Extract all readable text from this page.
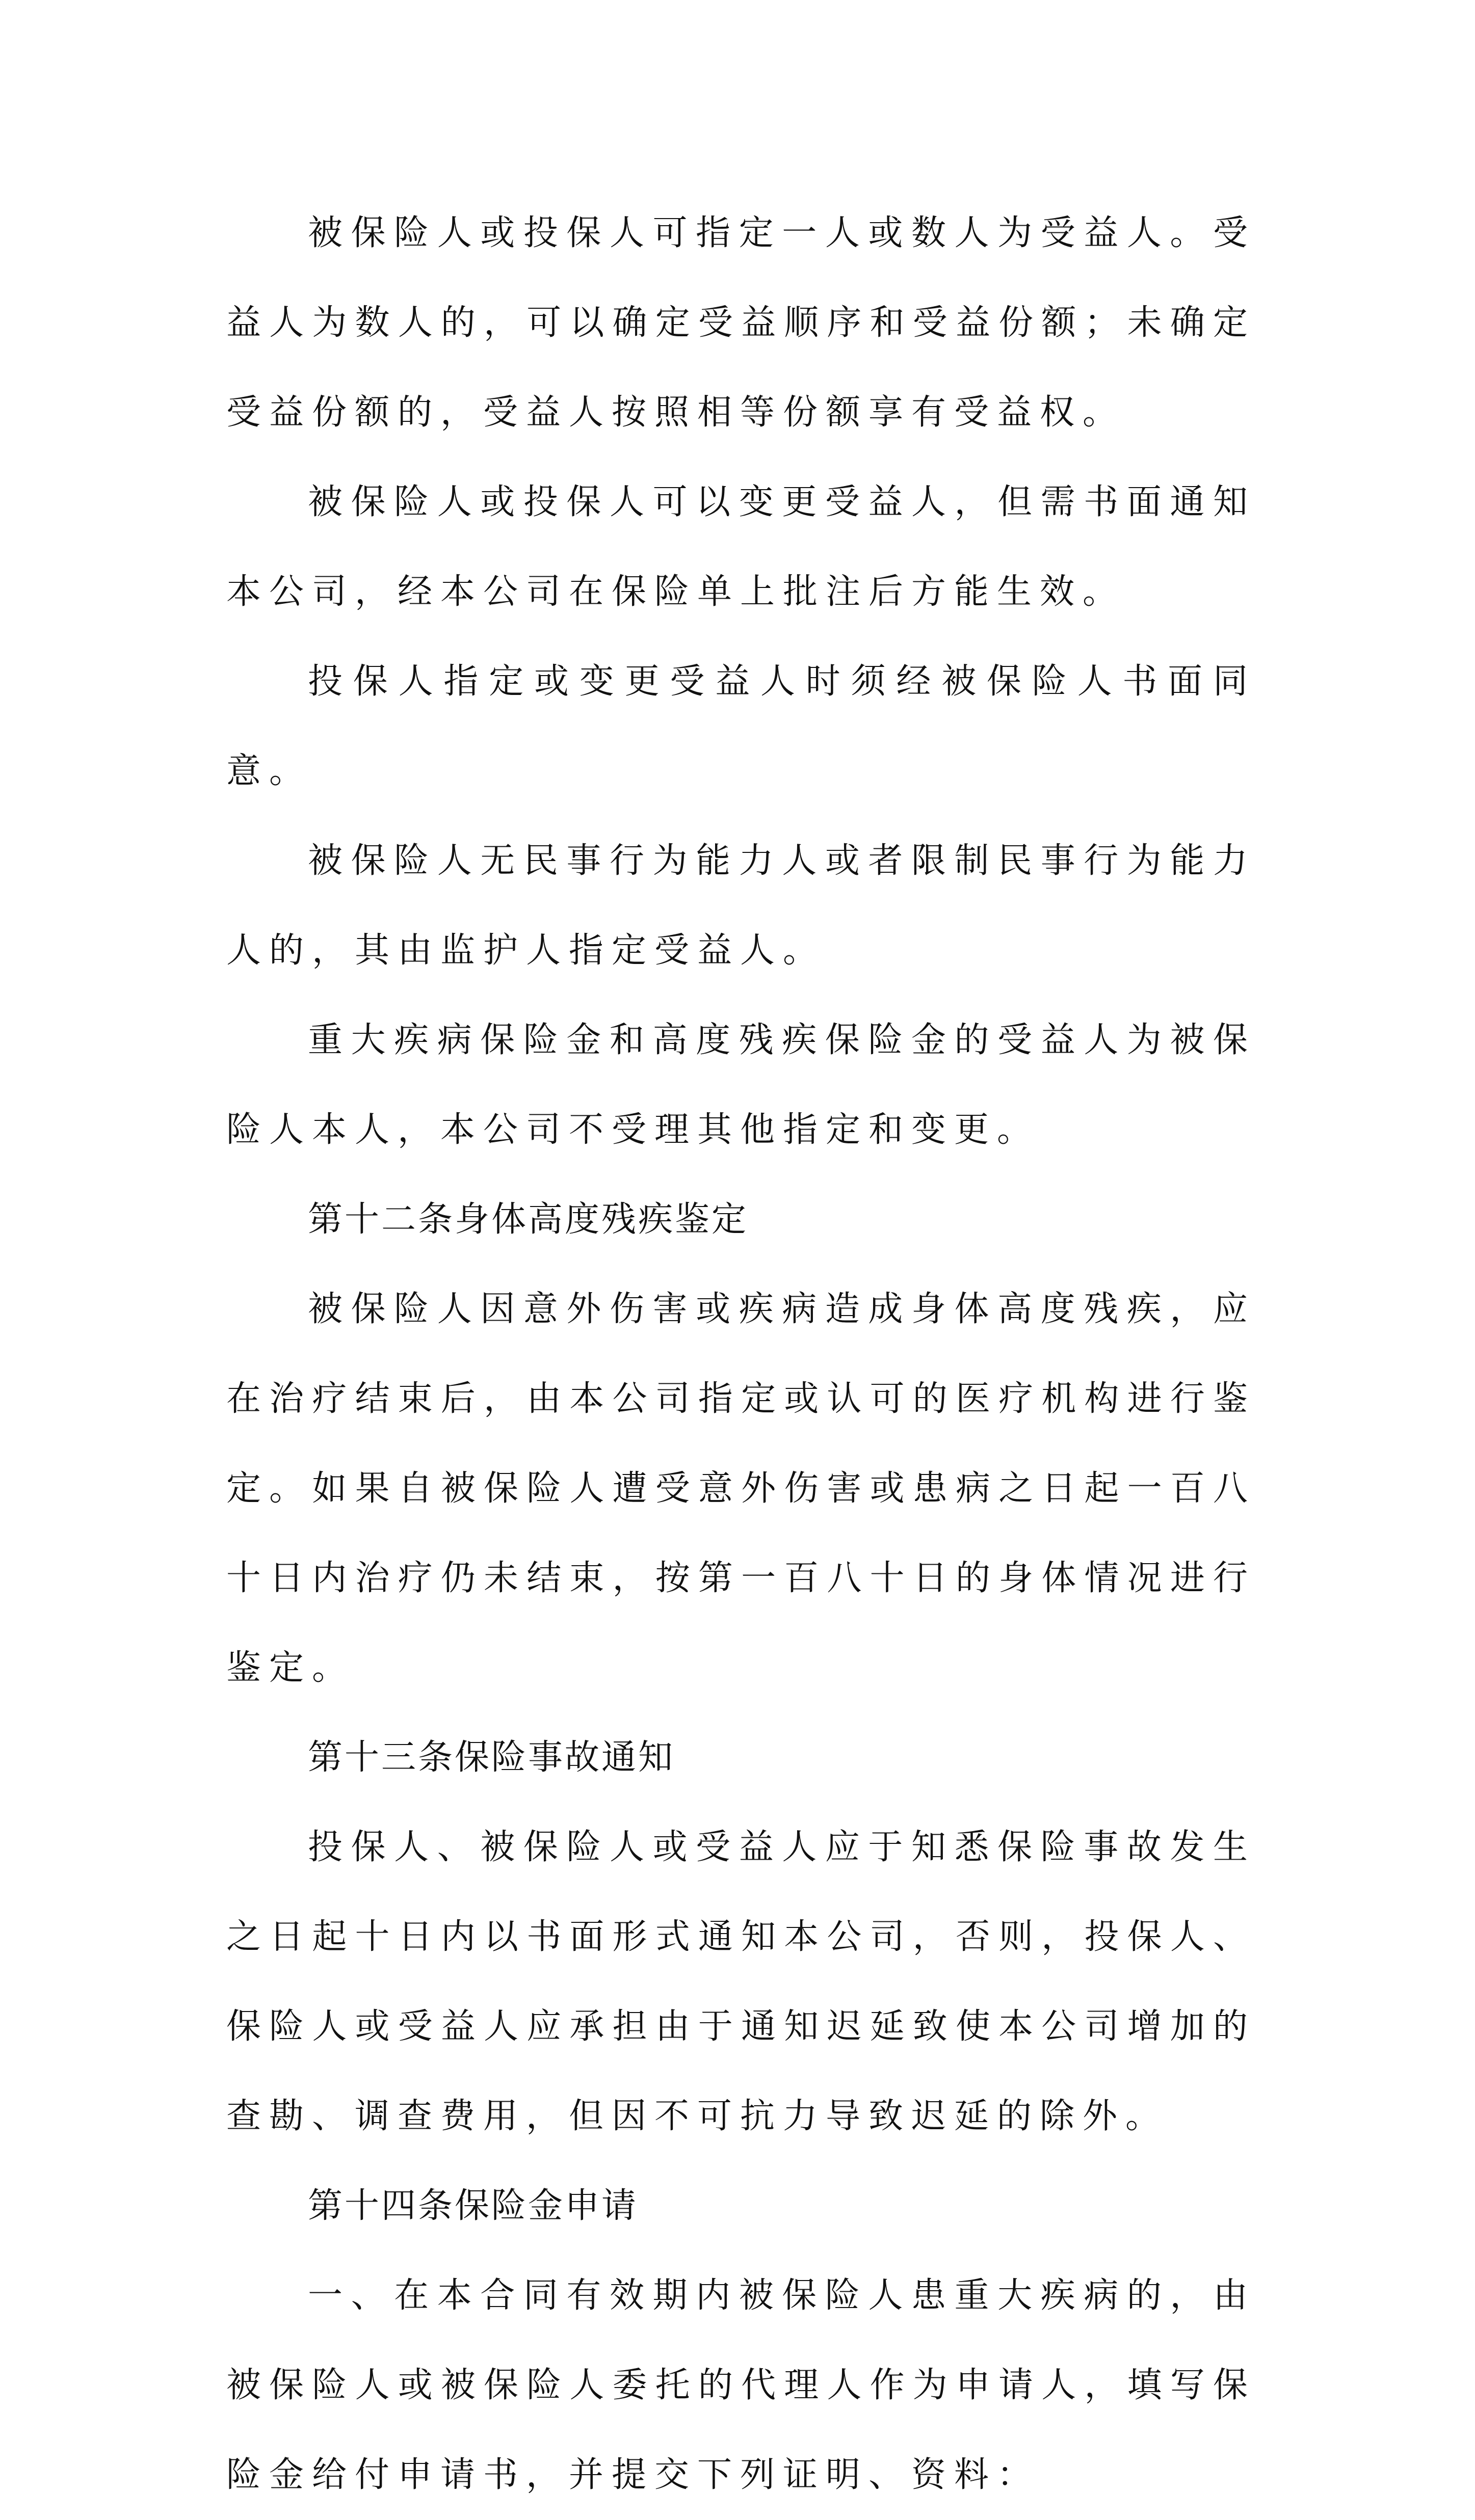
被保险人或投保人可指定一人或数人为受益人。受益人为数人的，可以确定受益顺序和受益份额；未确定受益份额的，受益人按照相等份额享有受益权。

被保险人或投保人可以变更受益人，但需书面通知本公司，经本公司在保险单上批注后方能生效。

投保人指定或变更受益人时须经被保险人书面同意。

被保险人无民事行为能力人或者限制民事行为能力人的，其由监护人指定受益人。

重大疾病保险金和高度残疾保险金的受益人为被保险人本人，本公司不受理其他指定和变更。

第十二条身体高度残疾鉴定

被保险人因意外伤害或疾病造成身体高度残疾，应在治疗结束后，由本公司指定或认可的医疗机构进行鉴定。如果自被保险人遭受意外伤害或患病之日起一百八十日内治疗仍未结束，按第一百八十日的身体情况进行鉴定。

第十三条保险事故通知

投保人、被保险人或受益人应于知悉保险事故发生之日起十日内以书面形式通知本公司，否则，投保人、保险人或受益人应承担由于通知迟延致使本公司增加的查勘、调查费用，但因不可抗力导致迟延的除外。

第十四条保险金申请

一、在本合同有效期内被保险人患重大疾病的，由被保险人或被保险人委托的代理人作为申请人，填写保险金给付申请书，并提交下列证明、资料：
